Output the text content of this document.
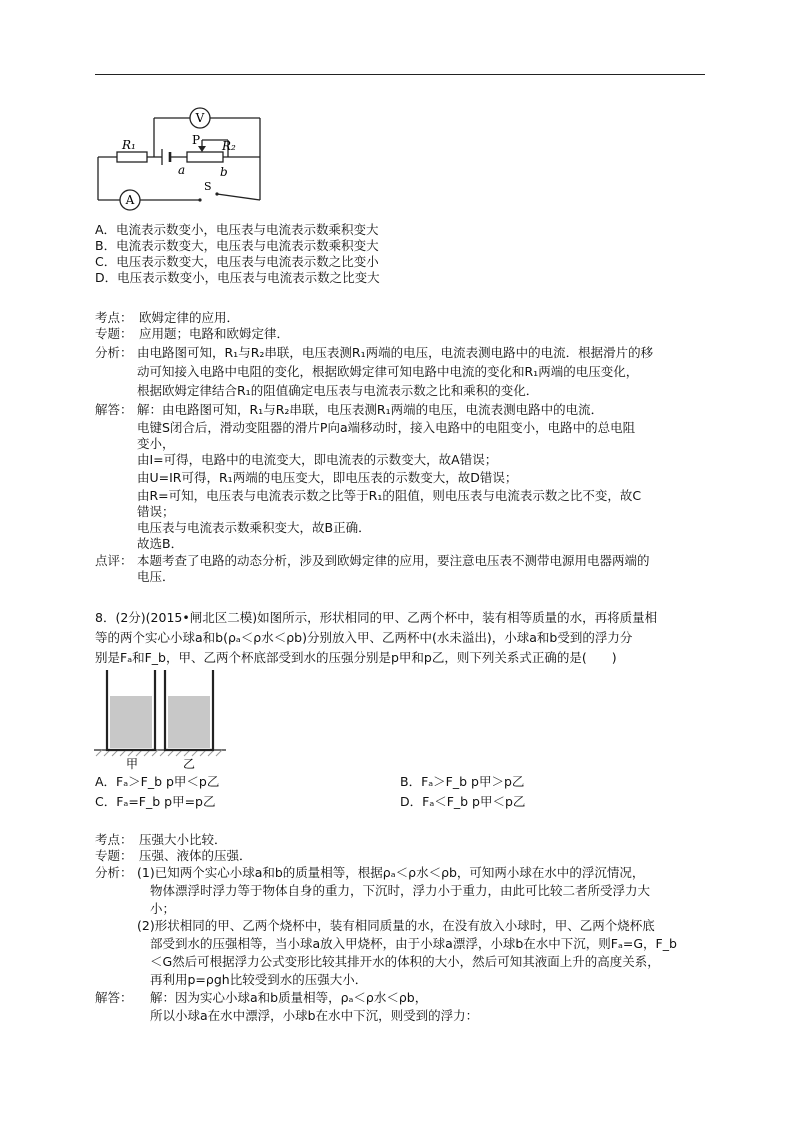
V
A
R₁	R₂
P
a	b
S
A．电流表示数变小，电压表与电流表示数乘积变大
B．电流表示数变大，电压表与电流表示数乘积变大
C．电压表示数变大，电压表与电流表示数之比变小
D．电压表示数变小，电压表与电流表示数之比变大
考点： 欧姆定律的应用．
专题： 应用题；电路和欧姆定律．
分析： 由电路图可知，R₁与R₂串联，电压表测R₁两端的电压，电流表测电路中的电流．根据滑片的移
动可知接入电路中电阻的变化，根据欧姆定律可知电路中电流的变化和R₁两端的电压变化，
根据欧姆定律结合R₁的阻值确定电压表与电流表示数之比和乘积的变化．
解答： 解：由电路图可知，R₁与R₂串联，电压表测R₁两端的电压，电流表测电路中的电流．
电键S闭合后，滑动变阻器的滑片P向a端移动时，接入电路中的电阻变小，电路中的总电阻
变小，
由I=可得，电路中的电流变大，即电流表的示数变大，故A错误；
由U=IR可得，R₁两端的电压变大，即电压表的示数变大，故D错误；
由R=可知，电压表与电流表示数之比等于R₁的阻值，则电压表与电流表示数之比不变，故C
错误；
电压表与电流表示数乘积变大，故B正确．
故选B．
点评： 本题考查了电路的动态分析，涉及到欧姆定律的应用，要注意电压表不测带电源用电器两端的
电压．
8．(2分)(2015•闸北区二模)如图所示，形状相同的甲、乙两个杯中，装有相等质量的水，再将质量相
等的两个实心小球a和b(ρₐ＜ρ水＜ρb)分别放入甲、乙两杯中(水未溢出)，小球a和b受到的浮力分
别是Fₐ和F_b，甲、乙两个杯底部受到水的压强分别是p甲和p乙，则下列关系式正确的是(　　)
甲	乙
A．Fₐ＞F_b p甲＜p乙	B．Fₐ＞F_b p甲＞p乙
C．Fₐ=F_b p甲=p乙	D．Fₐ＜F_b p甲＜p乙
考点： 压强大小比较．
专题： 压强、液体的压强．
分析： (1)已知两个实心小球a和b的质量相等，根据ρₐ＜ρ水＜ρb，可知两小球在水中的浮沉情况，
物体漂浮时浮力等于物体自身的重力，下沉时，浮力小于重力，由此可比较二者所受浮力大
小；
(2)形状相同的甲、乙两个烧杯中，装有相同质量的水，在没有放入小球时，甲、乙两个烧杯底
部受到水的压强相等，当小球a放入甲烧杯，由于小球a漂浮，小球b在水中下沉，则Fₐ=G，F_b
＜G然后可根据浮力公式变形比较其排开水的体积的大小，然后可知其液面上升的高度关系，
再利用p=ρgh比较受到水的压强大小．
解答： 解：因为实心小球a和b质量相等，ρₐ＜ρ水＜ρb，
所以小球a在水中漂浮，小球b在水中下沉，则受到的浮力：
